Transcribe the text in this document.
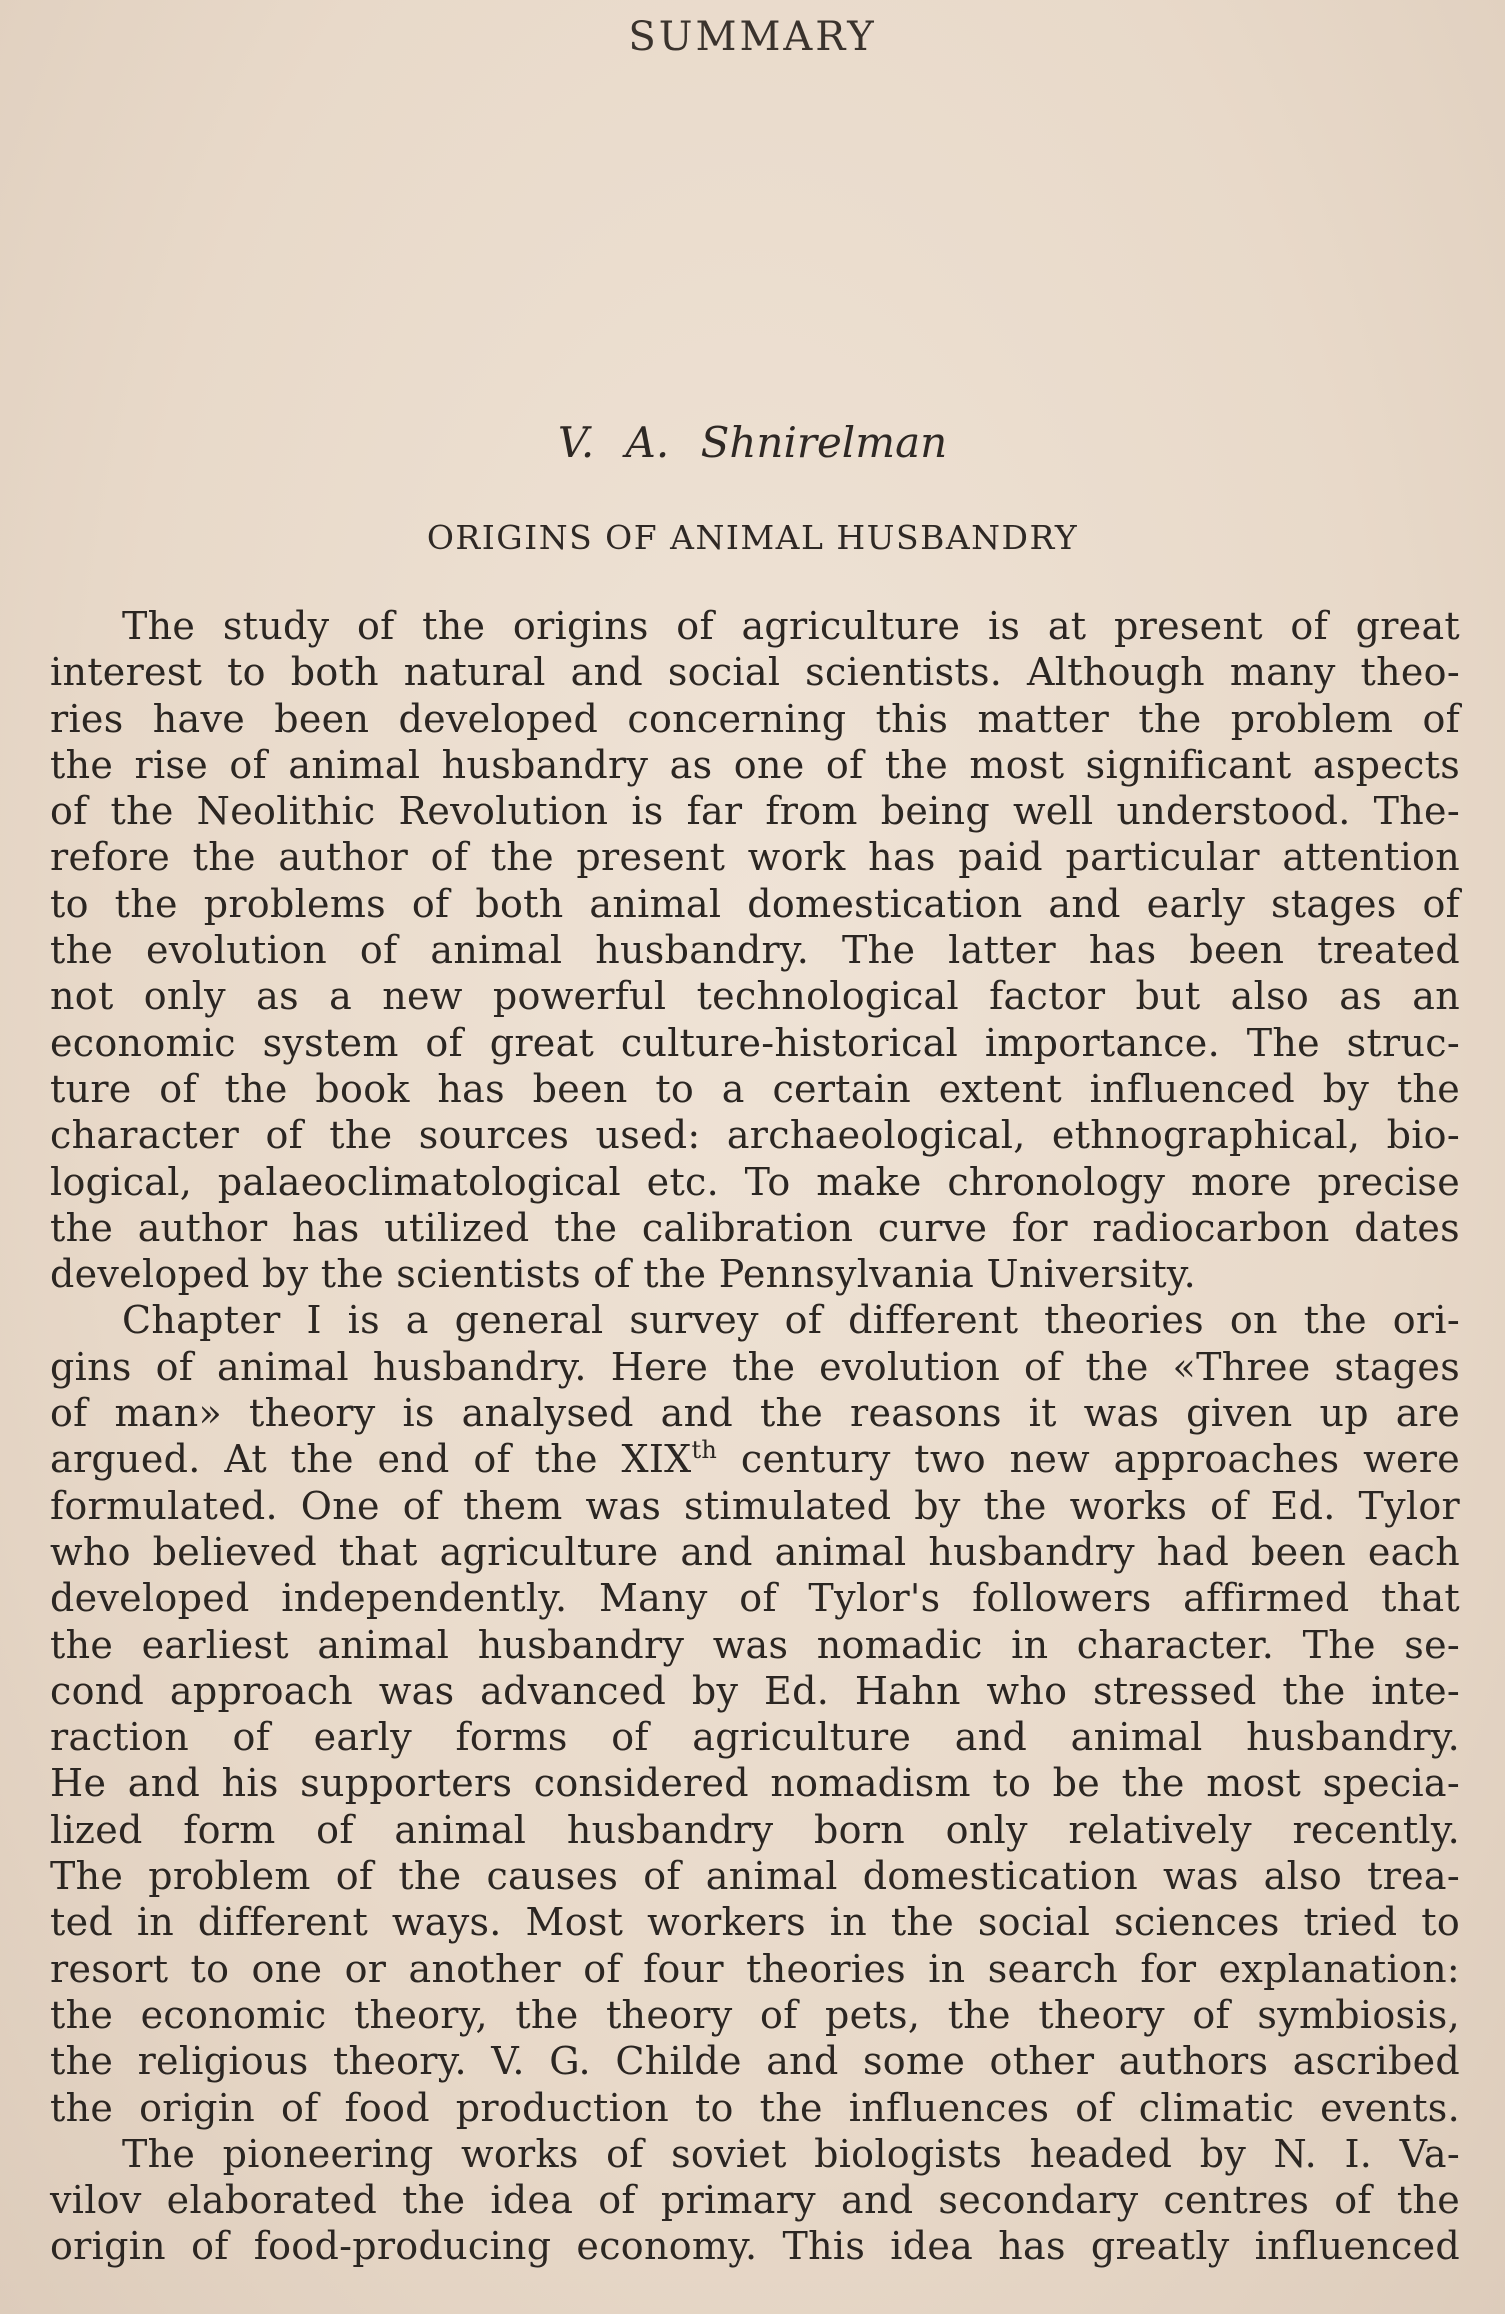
SUMMARY
V. A. Shnirelman
ORIGINS OF ANIMAL HUSBANDRY
The study of the origins of agriculture is at present of great
interest to both natural and social scientists. Although many theo-
ries have been developed concerning this matter the problem of
the rise of animal husbandry as one of the most significant aspects
of the Neolithic Revolution is far from being well understood. The-
refore the author of the present work has paid particular attention
to the problems of both animal domestication and early stages of
the evolution of animal husbandry. The latter has been treated
not only as a new powerful technological factor but also as an
economic system of great culture-historical importance. The struc-
ture of the book has been to a certain extent influenced by the
character of the sources used: archaeological, ethnographical, bio-
logical, palaeoclimatological etc. To make chronology more precise
the author has utilized the calibration curve for radiocarbon dates
developed by the scientists of the Pennsylvania University.
Chapter I is a general survey of different theories on the ori-
gins of animal husbandry. Here the evolution of the «Three stages
of man» theory is analysed and the reasons it was given up are
argued. At the end of the XIXth century two new approaches were
formulated. One of them was stimulated by the works of Ed. Tylor
who believed that agriculture and animal husbandry had been each
developed independently. Many of Tylor's followers affirmed that
the earliest animal husbandry was nomadic in character. The se-
cond approach was advanced by Ed. Hahn who stressed the inte-
raction of early forms of agriculture and animal husbandry.
He and his supporters considered nomadism to be the most specia-
lized form of animal husbandry born only relatively recently.
The problem of the causes of animal domestication was also trea-
ted in different ways. Most workers in the social sciences tried to
resort to one or another of four theories in search for explanation:
the economic theory, the theory of pets, the theory of symbiosis,
the religious theory. V. G. Childe and some other authors ascribed
the origin of food production to the influences of climatic events.
The pioneering works of soviet biologists headed by N. I. Va-
vilov elaborated the idea of primary and secondary centres of the
origin of food-producing economy. This idea has greatly influenced
